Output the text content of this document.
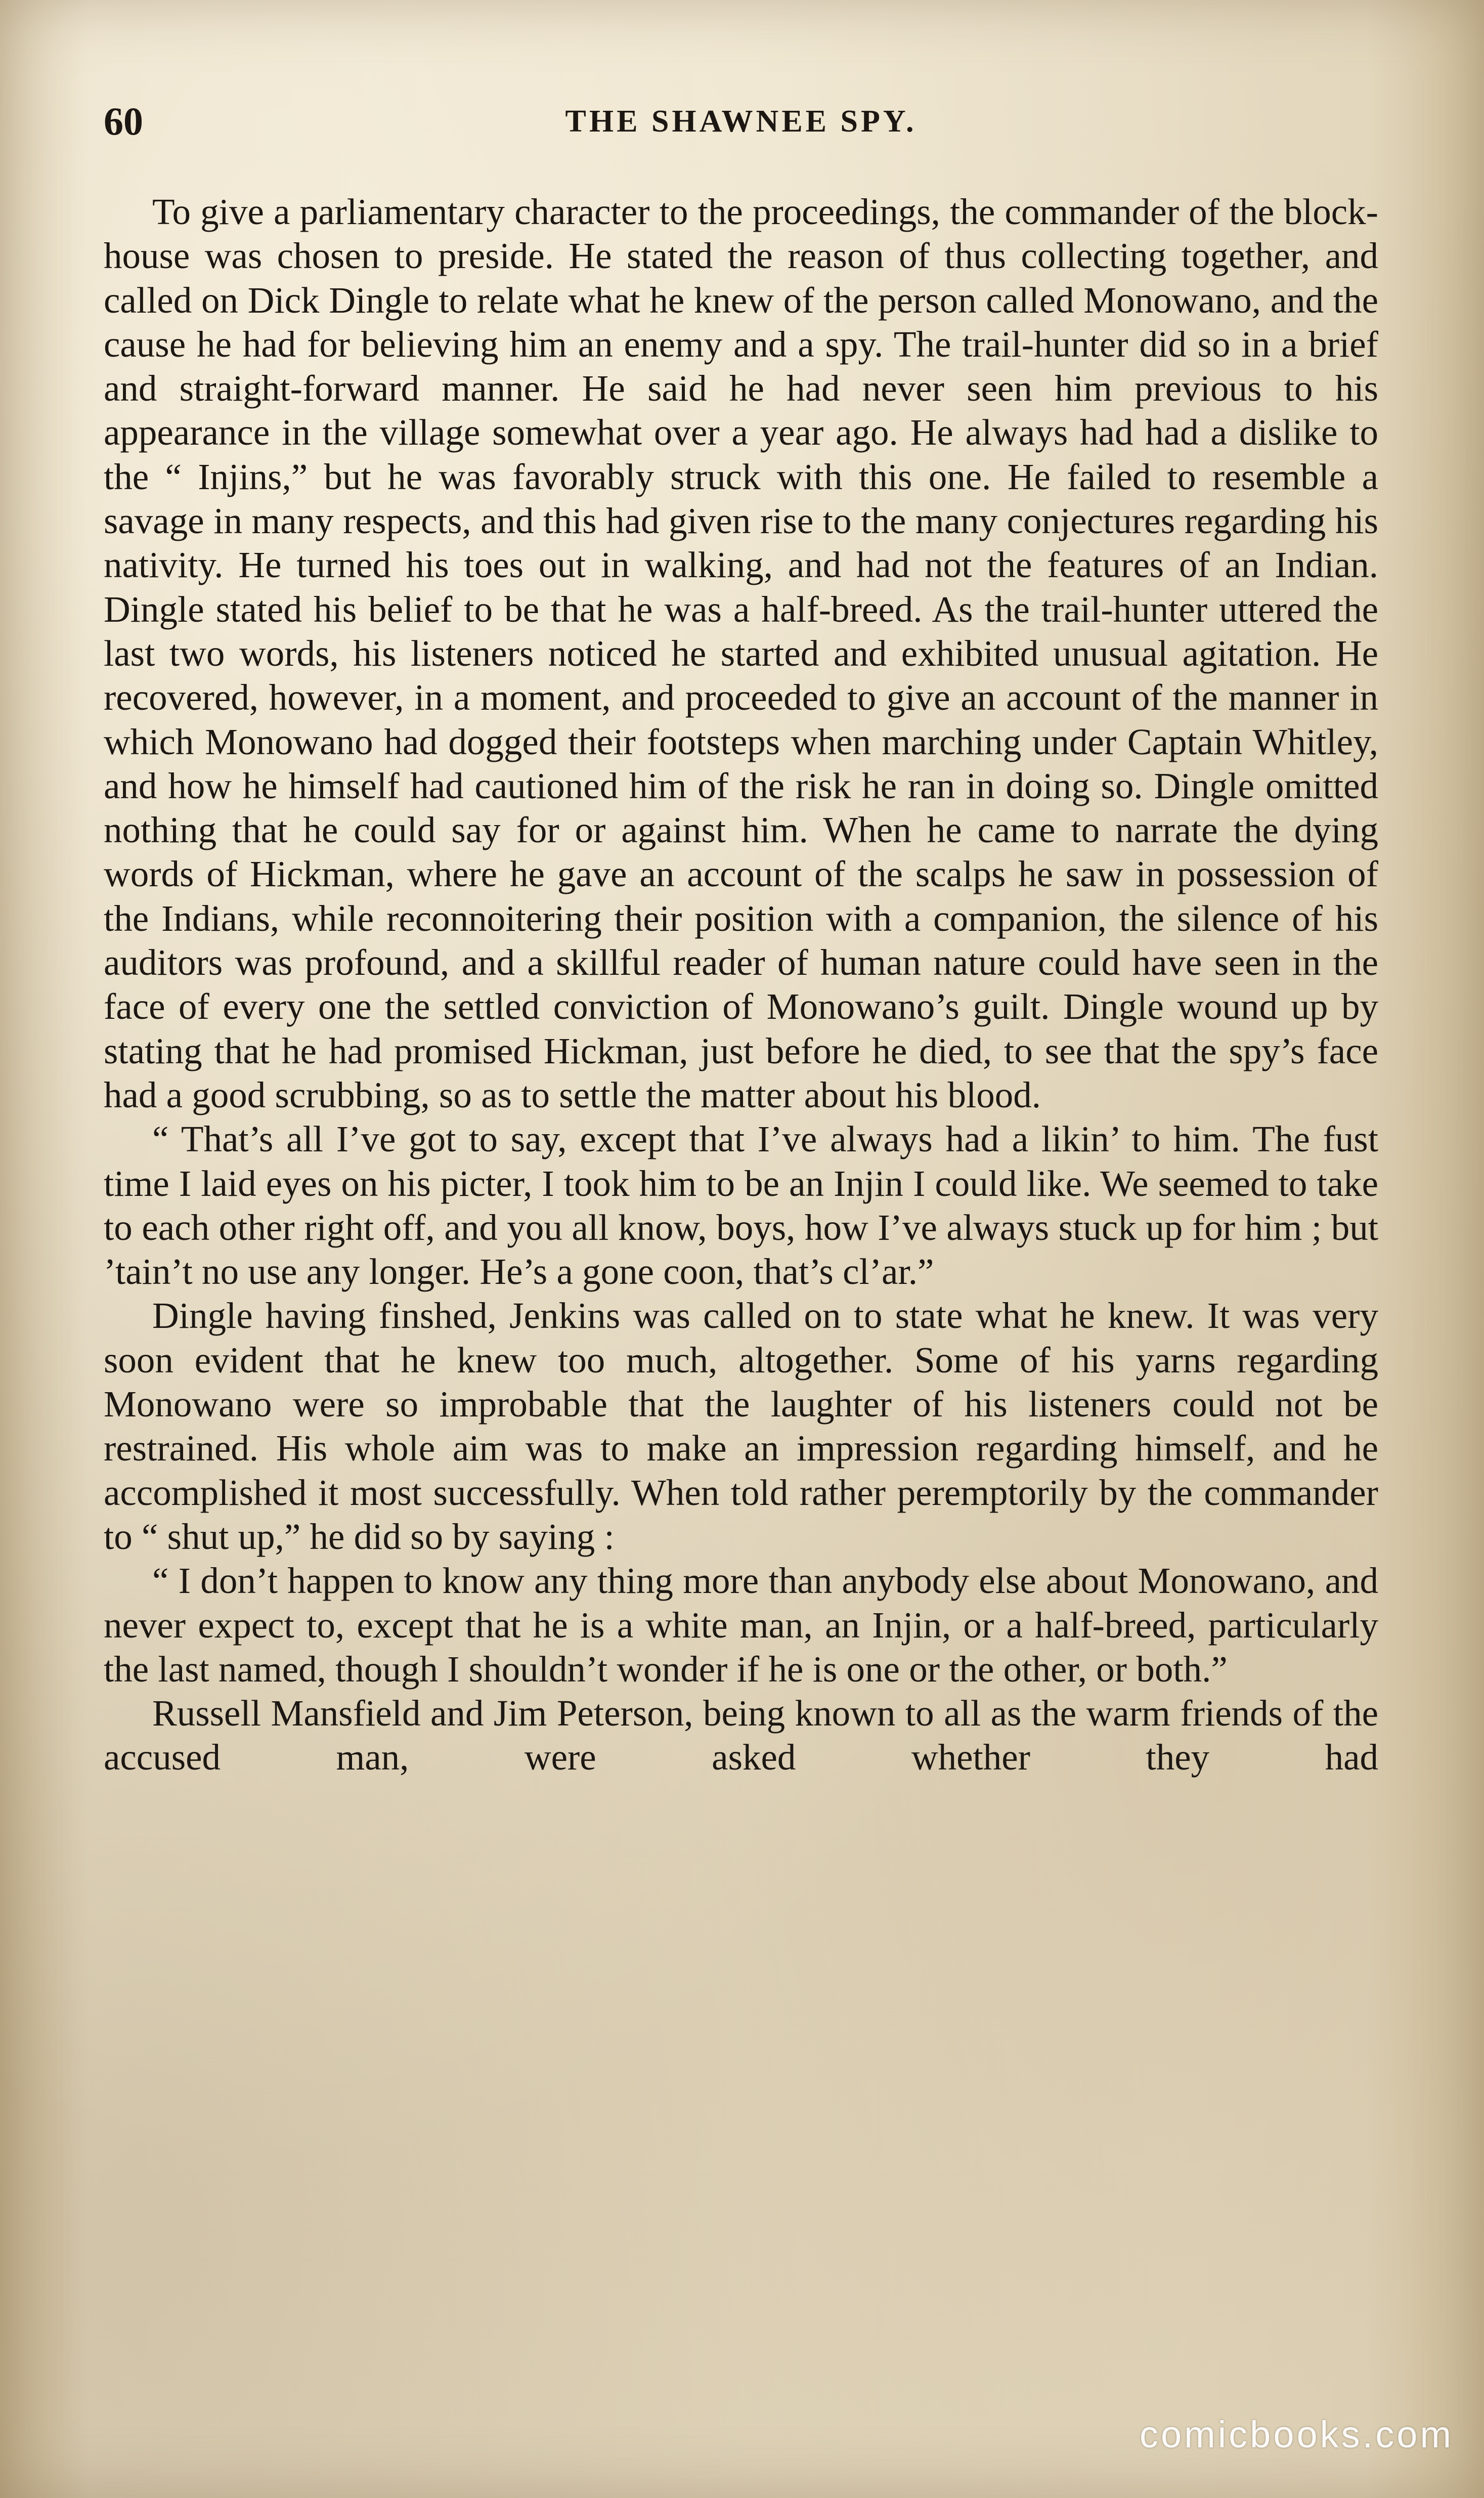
60	THE SHAWNEE SPY.

To give a parliamentary character to the proceedings, the commander of the block-house was chosen to preside. He stated the reason of thus collecting together, and called on Dick Dingle to relate what he knew of the person called Monowano, and the cause he had for believing him an enemy and a spy. The trail-hunter did so in a brief and straight-forward manner. He said he had never seen him previous to his appearance in the village somewhat over a year ago. He always had had a dislike to the “ Injins,” but he was favorably struck with this one. He failed to resemble a savage in many respects, and this had given rise to the many conjectures regarding his nativity. He turned his toes out in walking, and had not the features of an Indian. Dingle stated his belief to be that he was a half-breed. As the trail-hunter uttered the last two words, his listeners noticed he started and exhibited unusual agitation. He recovered, however, in a moment, and proceeded to give an account of the manner in which Monowano had dogged their footsteps when marching under Captain Whitley, and how he himself had cautioned him of the risk he ran in doing so. Dingle omitted nothing that he could say for or against him. When he came to narrate the dying words of Hickman, where he gave an account of the scalps he saw in possession of the Indians, while reconnoitering their position with a companion, the silence of his auditors was profound, and a skillful reader of human nature could have seen in the face of every one the settled conviction of Monowano’s guilt. Dingle wound up by stating that he had promised Hickman, just before he died, to see that the spy’s face had a good scrubbing, so as to settle the matter about his blood.

“ That’s all I’ve got to say, except that I’ve always had a likin’ to him. The fust time I laid eyes on his picter, I took him to be an Injin I could like. We seemed to take to each other right off, and you all know, boys, how I’ve always stuck up for him ; but ’tain’t no use any longer. He’s a gone coon, that’s cl’ar.”

Dingle having finshed, Jenkins was called on to state what he knew. It was very soon evident that he knew too much, altogether. Some of his yarns regarding Monowano were so improbable that the laughter of his listeners could not be restrained. His whole aim was to make an impression regarding himself, and he accomplished it most successfully. When told rather peremptorily by the commander to “ shut up,” he did so by saying :

“ I don’t happen to know any thing more than anybody else about Monowano, and never expect to, except that he is a white man, an Injin, or a half-breed, particularly the last named, though I shouldn’t wonder if he is one or the other, or both.”

Russell Mansfield and Jim Peterson, being known to all as the warm friends of the accused man, were asked whether they had

comicbooks.com
